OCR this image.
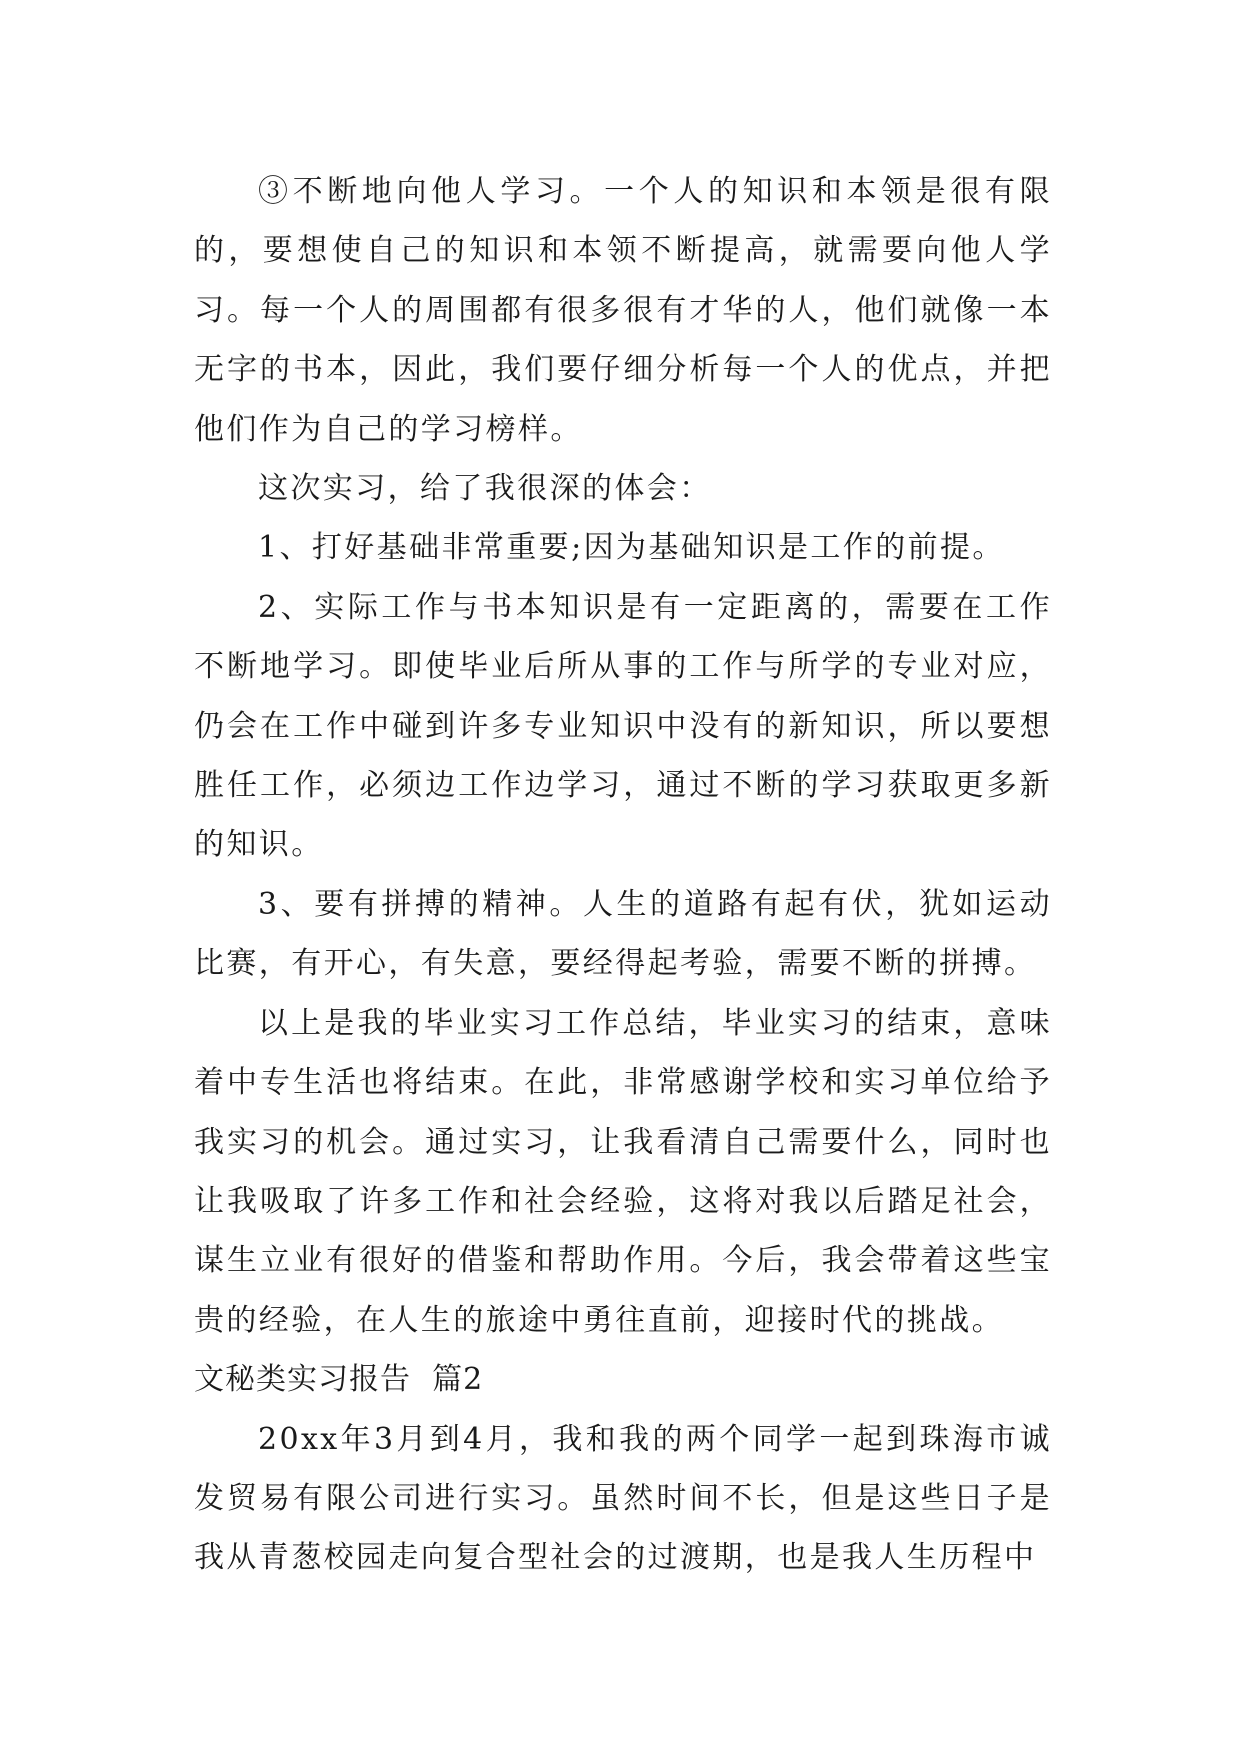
③不断地向他人学习。一个人的知识和本领是很有限的，要想使自己的知识和本领不断提高，就需要向他人学习。每一个人的周围都有很多很有才华的人，他们就像一本无字的书本，因此，我们要仔细分析每一个人的优点，并把他们作为自己的学习榜样。

这次实习，给了我很深的体会：

1、打好基础非常重要;因为基础知识是工作的前提。

2、实际工作与书本知识是有一定距离的，需要在工作不断地学习。即使毕业后所从事的工作与所学的专业对应，仍会在工作中碰到许多专业知识中没有的新知识，所以要想胜任工作，必须边工作边学习，通过不断的学习获取更多新的知识。

3、要有拼搏的精神。人生的道路有起有伏，犹如运动比赛，有开心，有失意，要经得起考验，需要不断的拼搏。

以上是我的毕业实习工作总结，毕业实习的结束，意味着中专生活也将结束。在此，非常感谢学校和实习单位给予我实习的机会。通过实习，让我看清自己需要什么，同时也让我吸取了许多工作和社会经验，这将对我以后踏足社会，谋生立业有很好的借鉴和帮助作用。今后，我会带着这些宝贵的经验，在人生的旅途中勇往直前，迎接时代的挑战。

文秘类实习报告  篇2

20xx年3月到4月，我和我的两个同学一起到珠海市诚发贸易有限公司进行实习。虽然时间不长，但是这些日子是我从青葱校园走向复合型社会的过渡期，也是我人生历程中
